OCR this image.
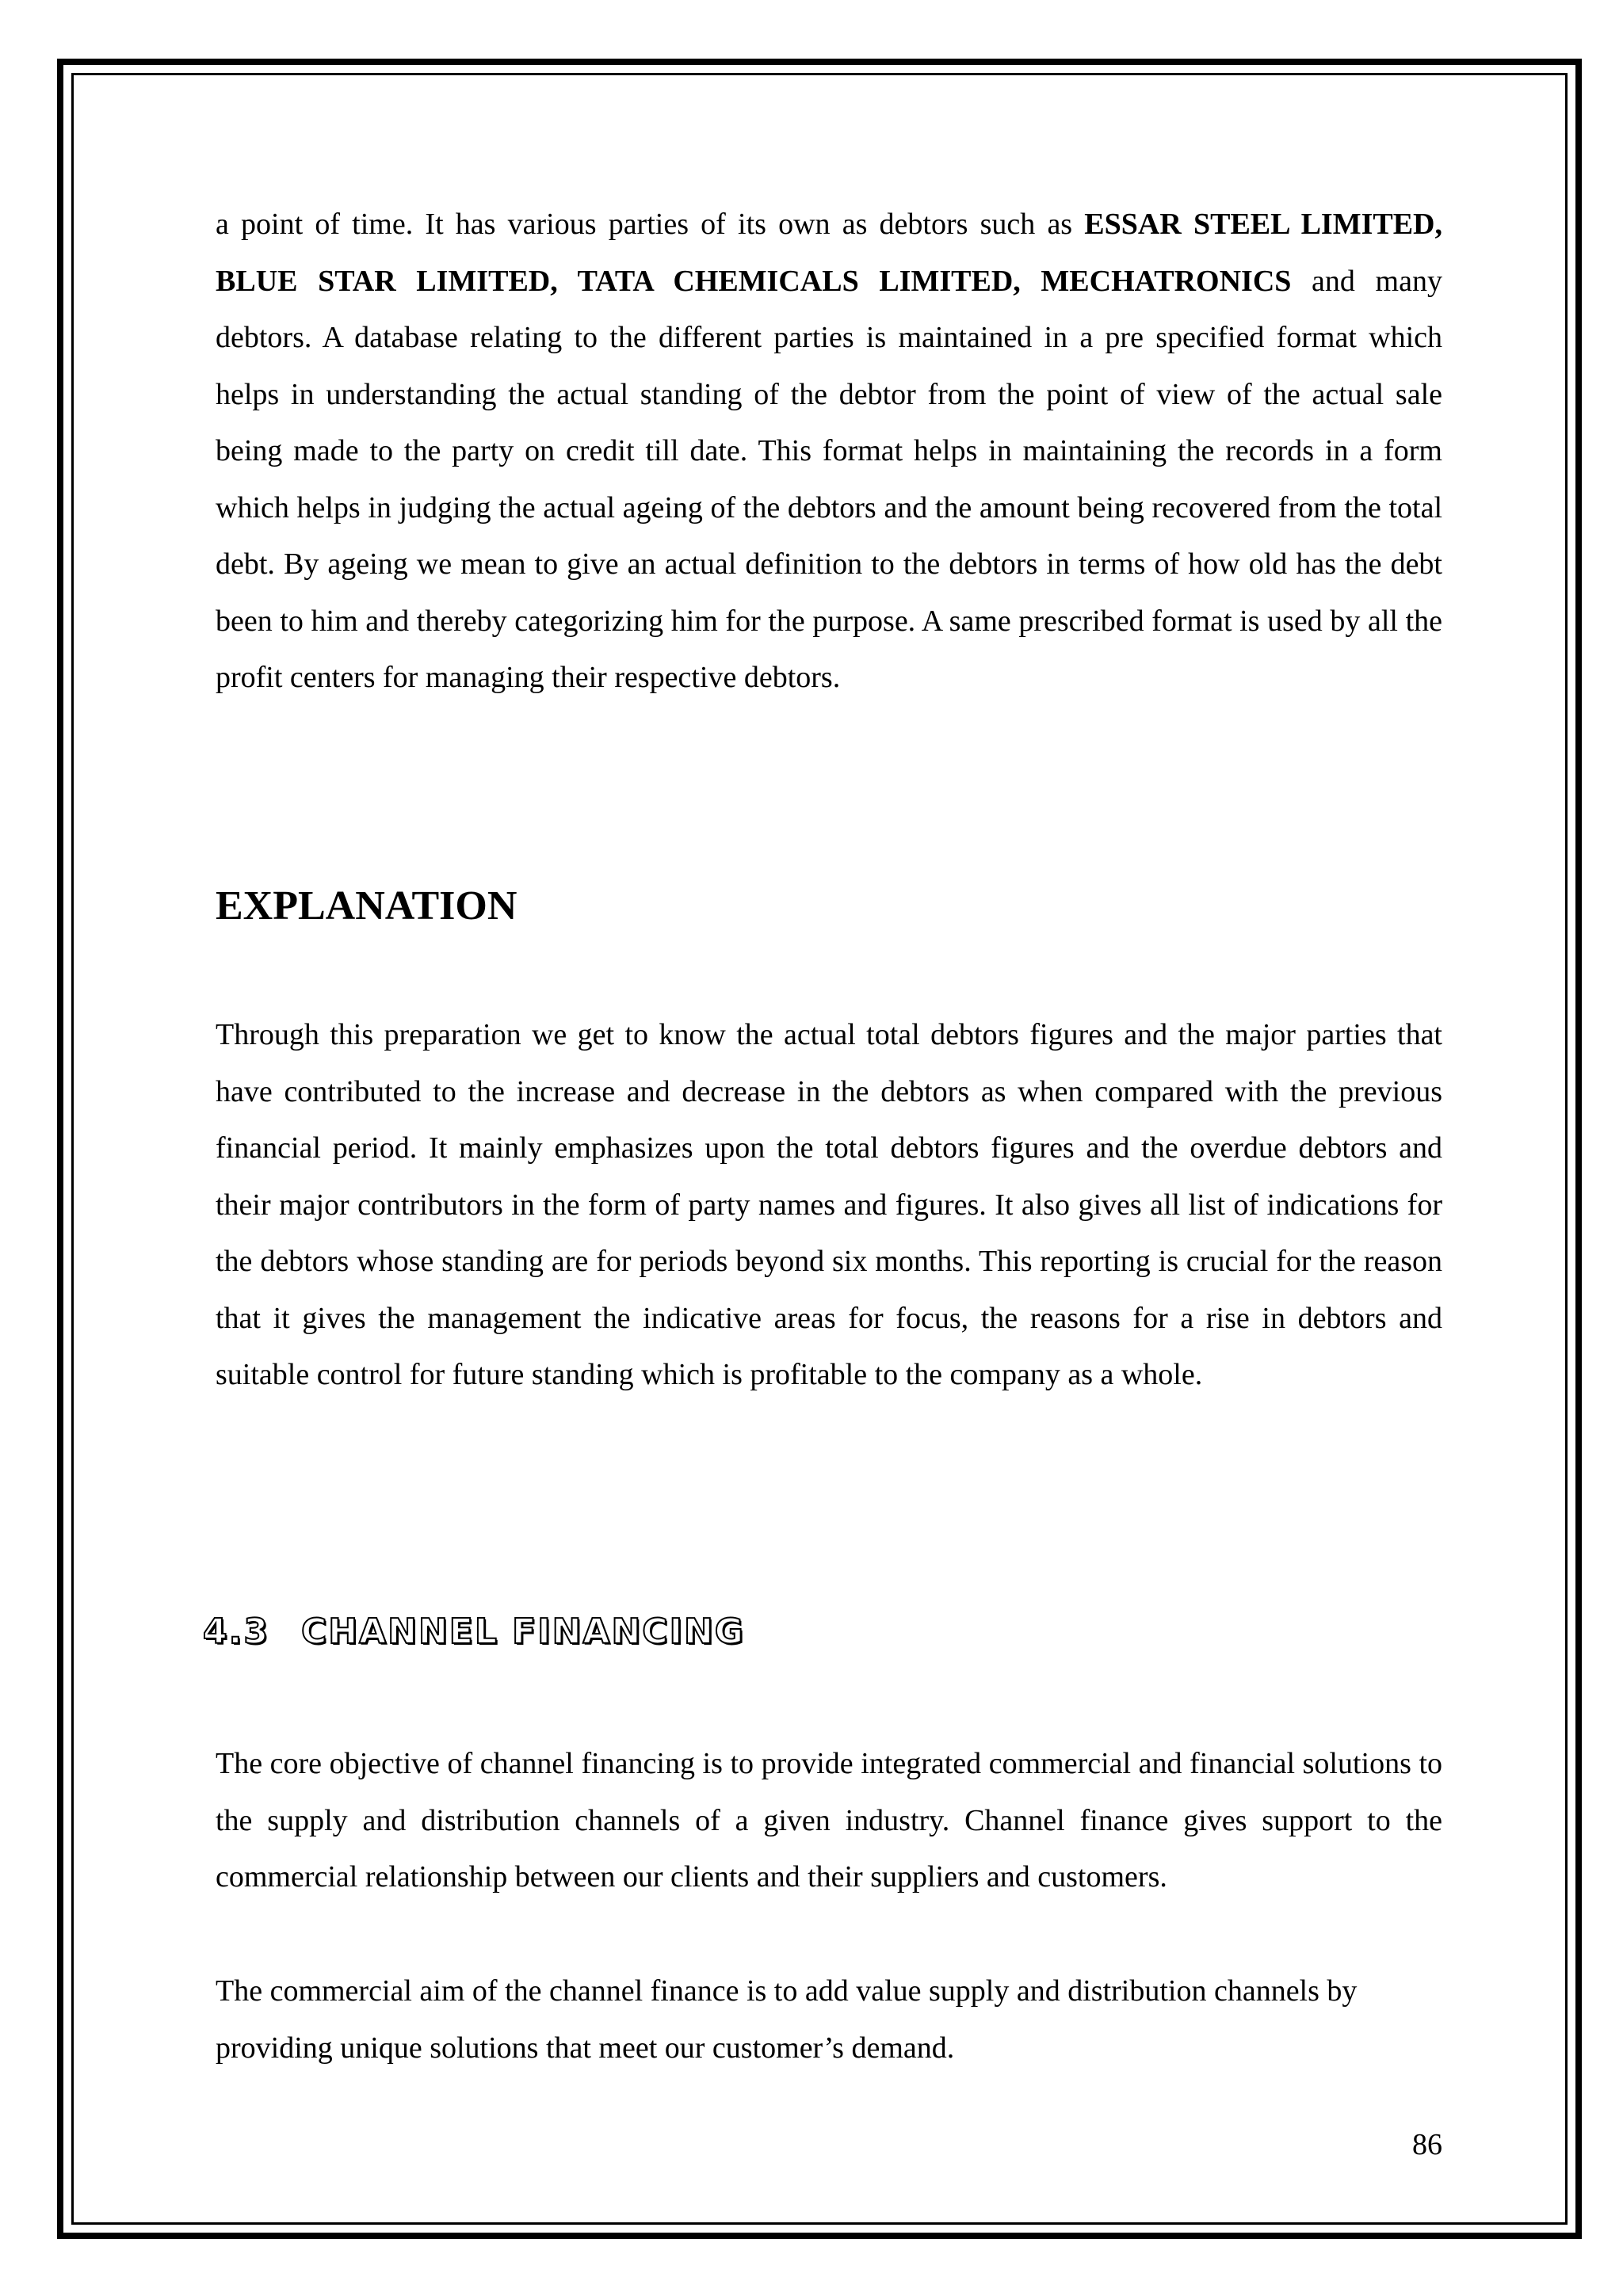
a point of time. It has various parties of its own as debtors such as ESSAR STEEL LIMITED, BLUE STAR LIMITED, TATA CHEMICALS LIMITED, MECHATRONICS and many debtors. A database relating to the different parties is maintained in a pre specified format which helps in understanding the actual standing of the debtor from the point of view of the actual sale being made to the party on credit till date. This format helps in maintaining the records in a form which helps in judging the actual ageing of the debtors and the amount being recovered from the total debt. By ageing we mean to give an actual definition to the debtors in terms of how old has the debt been to him and thereby categorizing him for the purpose. A same prescribed format is used by all the profit centers for managing their respective debtors.

EXPLANATION

Through this preparation we get to know the actual total debtors figures and the major parties that have contributed to the increase and decrease in the debtors as when compared with the previous financial period. It mainly emphasizes upon the total debtors figures and the overdue debtors and their major contributors in the form of party names and figures. It also gives all list of indications for the debtors whose standing are for periods beyond six months. This reporting is crucial for the reason that it gives the management the indicative areas for focus, the reasons for a rise in debtors and suitable control for future standing which is profitable to the company as a whole.

4.3 CHANNEL FINANCING

The core objective of channel financing is to provide integrated commercial and financial solutions to the supply and distribution channels of a given industry. Channel finance gives support to the commercial relationship between our clients and their suppliers and customers.

The commercial aim of the channel finance is to add value supply and distribution channels by providing unique solutions that meet our customer’s demand.

86
